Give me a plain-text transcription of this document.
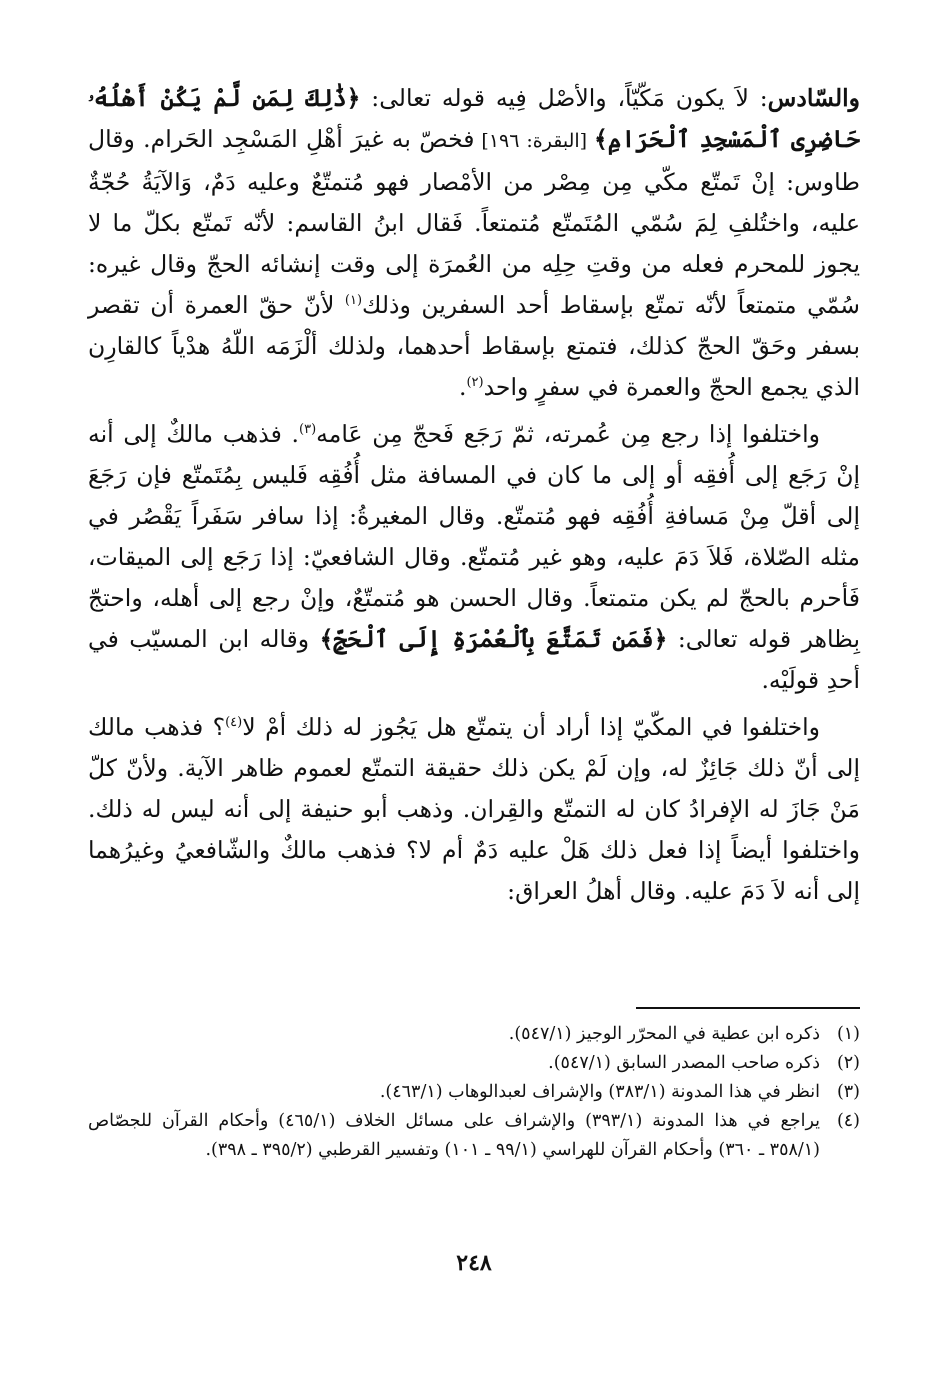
والسّادس: لاَ يكون مَكّيّاً، والأصْل فِيه قوله تعالى: ﴿ذَٰلِكَ لِمَن لَّمْ يَكُنْ أَهْلُهُۥ حَاضِرِى ٱلْمَسْجِدِ ٱلْحَرَامِ﴾ [البقرة: ١٩٦] فخصّ به غيرَ أهْلِ المَسْجِد الحَرام. وقال طاوس: إنْ تَمتّع مكّي مِن مِصْر من الأمْصار فهو مُتمتّعٌ وعليه دَمٌ، وَالآيَةُ حُجّةٌ عليه، واختُلفِ لِمَ سُمّي المُتَمتّع مُتمتعاً. فَقال ابنُ القاسم: لأنّه تَمتّع بكلّ ما لا يجوز للمحرم فعله من وقتِ حِلِه من العُمرَة إلى وقت إنشائه الحجّ وقال غيره: سُمّي متمتعاً لأنّه تمتّع بإسقاط أحد السفرين وذلك$^{(١)}$ لأنّ حقّ العمرة أن تقصر بسفر وحَقّ الحجّ كذلك، فتمتع بإسقاط أحدهما، ولذلك ألْزَمَه اللّهُ هدْياً كالقارِن الذي يجمع الحجّ والعمرة في سفرٍ واحد$^{(٢)}$.

واختلفوا إذا رجع مِن عُمرته، ثمّ رَجَع فَحجّ مِن عَامه$^{(٣)}$. فذهب مالكٌ إلى أنه إنْ رَجَع إلى أُفقِه أو إلى ما كان في المسافة مثل أُفُقِه فَليس بِمُتَمتّع فإن رَجَعَ إلى أقلّ مِنْ مَسافةِ أُفُقِه فهو مُتمتّع. وقال المغيرةُ: إذا سافر سَفَراً يَقْصُر في مثله الصّلاة، فَلاَ دَمَ عليه، وهو غير مُتمتّع. وقال الشافعيّ: إذا رَجَع إلى الميقات، فَأحرم بالحجّ لم يكن متمتعاً. وقال الحسن هو مُتمتّعٌ، وإنْ رجع إلى أهله، واحتجّ بِظاهر قوله تعالى: ﴿فَمَن تَمَتَّعَ بِٱلْعُمْرَةِ إِلَى ٱلْحَجِّ﴾ وقاله ابن المسيّب في أحدِ قولَيْه.

واختلفوا في المكّيّ إذا أراد أن يتمتّع هل يَجُوز له ذلك أمْ لا$^{(٤)}$؟ فذهب مالك إلى أنّ ذلك جَائِزٌ له، وإن لَمْ يكن ذلك حقيقة التمتّع لعموم ظاهر الآية. ولأنّ كلّ مَنْ جَازَ له الإفرادُ كان له التمتّع والقِران. وذهب أبو حنيفة إلى أنه ليس له ذلك. واختلفوا أيضاً إذا فعل ذلك هَلْ عليه دَمٌ أم لا؟ فذهب مالكٌ والشّافعيُ وغيرُهما إلى أنه لاَ دَمَ عليه. وقال أهلُ العراق:

(١)
ذكره ابن عطية في المحرّر الوجيز (٥٤٧/١).
(٢)
ذكره صاحب المصدر السابق (٥٤٧/١).
(٣)
انظر في هذا المدونة (٣٨٣/١) والإشراف لعبدالوهاب (٤٦٣/١).
(٤)
يراجع في هذا المدونة (٣٩٣/١) والإشراف على مسائل الخلاف (٤٦٥/١) وأحكام القرآن للجصّاص (٣٥٨/١ ـ ٣٦٠) وأحكام القرآن للهراسي (٩٩/١ ـ ١٠١) وتفسير القرطبي (٣٩٥/٢ ـ ٣٩٨).
٢٤٨
